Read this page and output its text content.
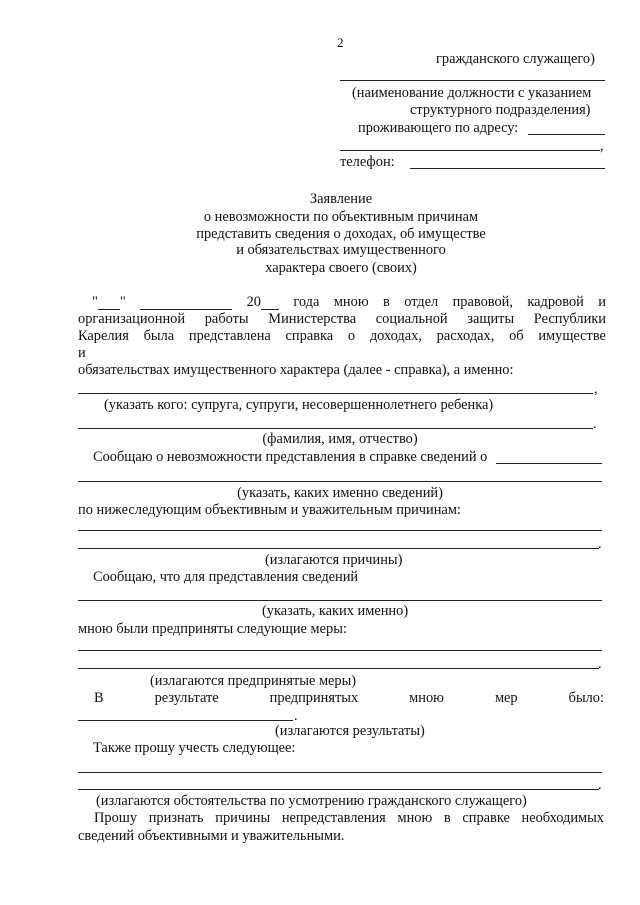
2
гражданского служащего)
(наименование должности с указанием
структурного подразделения)
проживающего по адресу:
,
телефон:
Заявление
о невозможности по объективным причинам
представить сведения о доходах, об имуществе
и обязательствах имущественного
характера своего (своих)
" "	20 года мною в отдел правовой, кадровой и
организационной работы Министерства социальной защиты Республики
Карелия была представлена справка о доходах, расходах, об имуществе
и
обязательствах имущественного характера (далее - справка), а именно:
,
(указать кого: супруга, супруги, несовершеннолетнего ребенка)
.
(фамилия, имя, отчество)
Сообщаю о невозможности представления в справке сведений о
(указать, каких именно сведений)
по нижеследующим объективным и уважительным причинам:
.
(излагаются причины)
Сообщаю, что для представления сведений
(указать, каких именно)
мною были предприняты следующие меры:
.
(излагаются предпринятые меры)
В	результате	предпринятых	мною	мер	было:
.
(излагаются результаты)
Также прошу учесть следующее:
.
(излагаются обстоятельства по усмотрению гражданского служащего)
Прошу признать причины непредставления мною в справке необходимых
сведений объективными и уважительными.
